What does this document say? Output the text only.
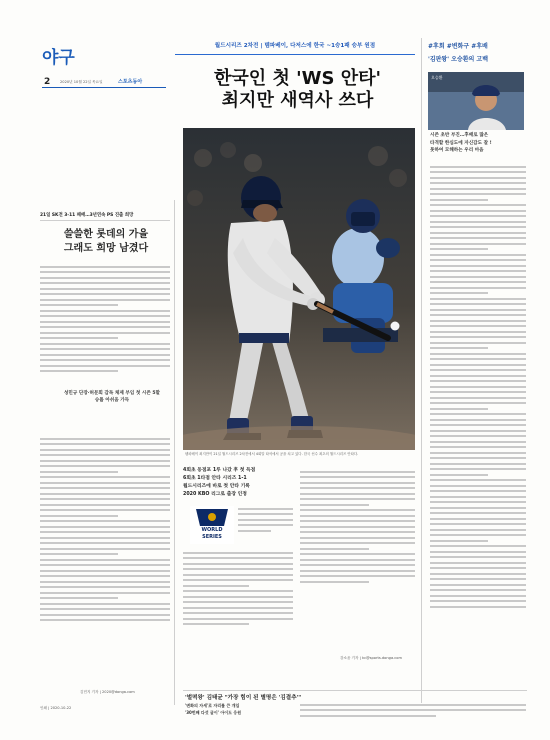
야구
2	2020년 10월 22일 목요일	스포츠동아
월드시리즈 2차전 | 템파베이, 다저스에 한국 ~1승1패 승부 원점
한국인 첫 'WS 안타'
최지만 새역사 쓰다
21일 SK전 3-11 패배…3년연속 PS 진출 희망
쓸쓸한 롯데의 가을
그래도 희망 남겼다
성민규 단장·허문회 감독 체제 부임 첫 시즌 5할 승률 아쉬움 가득
김민지 기자 | 2020@donga.com
템파베이 최지만이 21일 월드시리즈 2차전에서 4회말 타석에서 공을 치고 있다. 한국 선수 최초의 월드시리즈 안타다.
#후회 #변화구 #후배
'김판왕' 오승환의 고백
오승환
시즌 초반 부진…후배로 많은
타격할 한심도에 자신감도 잘 !
못하여 모해하는 우리 마음
4회초 동점포 1루 나갔 후 첫 득점
6회초 1타점 안타 시리즈 1-1
월드시리즈에 바로 첫 안타 기록
2020 KBO 리그로 출장 인정
WORLD
SERIES
강소윤 기자 | kc@sports.donga.com
'벌떡왕' 김태균 "가장 힘이 된 별명은 '김결추'"
'변화의 자세'로 자리를 큰 개입
'30번째 다섯 글이' 아이도 응원
인쇄 | 2020-10-22
